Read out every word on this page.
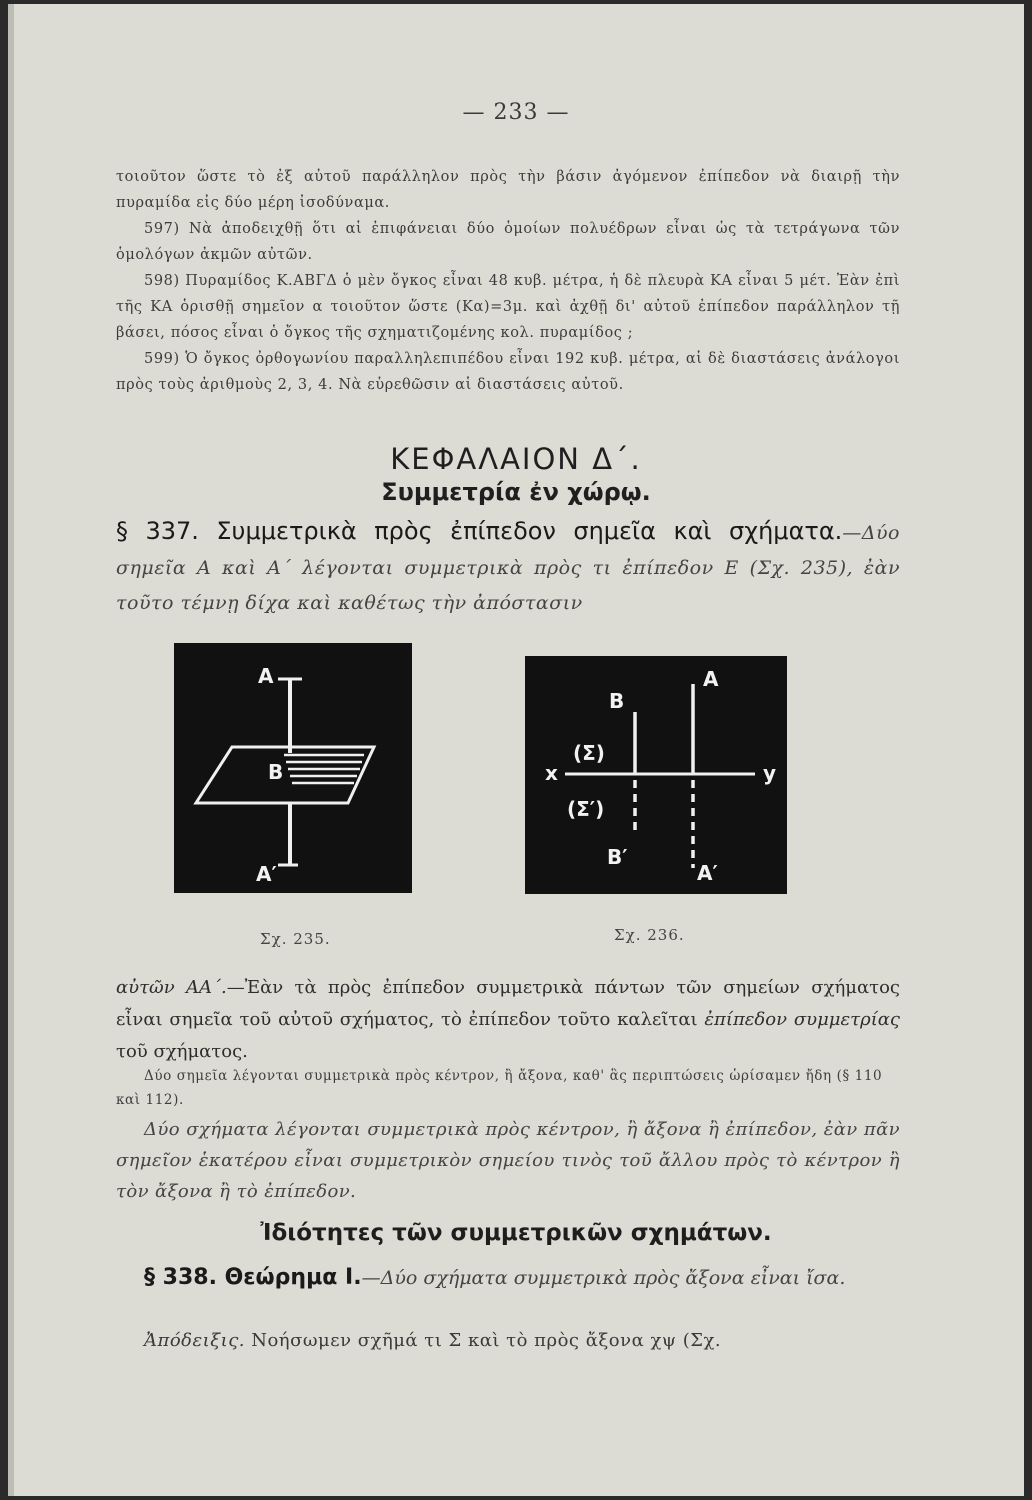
— 233 —

τοιοῦτον ὥστε τὸ ἐξ αὐτοῦ παράλληλον πρὸς τὴν βάσιν ἀγόμενον ἐπίπεδον νὰ διαιρῇ τὴν πυραμίδα εἰς δύο μέρη ἰσοδύναμα.

597) Νὰ ἀποδειχθῇ ὅτι αἱ ἐπιφάνειαι δύο ὁμοίων πολυέδρων εἶναι ὡς τὰ τετράγωνα τῶν ὁμολόγων ἀκμῶν αὐτῶν.

598) Πυραμίδος Κ.ΑΒΓΔ ὁ μὲν ὄγκος εἶναι 48 κυβ. μέτρα, ἡ δὲ πλευρὰ ΚΑ εἶναι 5 μέτ. Ἐὰν ἐπὶ τῆς ΚΑ ὁρισθῇ σημεῖον α τοιοῦτον ὥστε (Κα)=3μ. καὶ ἀχθῇ δι' αὐτοῦ ἐπίπεδον παράλληλον τῇ βάσει, πόσος εἶναι ὁ ὄγκος τῆς σχηματιζομένης κολ. πυραμίδος ;

599) Ὁ ὄγκος ὀρθογωνίου παραλληλεπιπέδου εἶναι 192 κυβ. μέτρα, αἱ δὲ διαστάσεις ἀνάλογοι πρὸς τοὺς ἀριθμοὺς 2, 3, 4. Νὰ εὑρεθῶσιν αἱ διαστάσεις αὐτοῦ.

ΚΕΦΑΛΑΙΟΝ Δ΄.
Συμμετρία ἐν χώρῳ.
§ 337. Συμμετρικὰ πρὸς ἐπίπεδον σημεῖα καὶ σχήματα.—Δύο σημεῖα Α καὶ Α΄ λέγονται συμμετρικὰ πρὸς τι ἐπίπεδον Ε (Σχ. 235), ἐὰν τοῦτο τέμνῃ δίχα καὶ καθέτως τὴν ἀπόστασιν
A
B
A′
Σχ. 235.
B
A
(Σ)
x	y
(Σ′)
B′
A′
Σχ. 236.
αὐτῶν ΑΑ΄.—Ἐὰν τὰ πρὸς ἐπίπεδον συμμετρικὰ πάντων τῶν σημείων σχήματος εἶναι σημεῖα τοῦ αὐτοῦ σχήματος, τὸ ἐπίπεδον τοῦτο καλεῖται ἐπίπεδον συμμετρίας τοῦ σχήματος.
Δύο σημεῖα λέγονται συμμετρικὰ πρὸς κέντρον, ἢ ἄξονα, καθ' ἃς περιπτώσεις ὡρίσαμεν ἤδη (§ 110 καὶ 112).
Δύο σχήματα λέγονται συμμετρικὰ πρὸς κέντρον, ἢ ἄξονα ἢ ἐπίπεδον, ἐὰν πᾶν σημεῖον ἑκατέρου εἶναι συμμετρικὸν σημείου τινὸς τοῦ ἄλλου πρὸς τὸ κέντρον ἢ τὸν ἄξονα ἢ τὸ ἐπίπεδον.
Ἰδιότητες τῶν συμμετρικῶν σχημάτων.
§ 338. Θεώρημα Ι.—Δύο σχήματα συμμετρικὰ πρὸς ἄξονα εἶναι ἴσα.
Ἀπόδειξις. Νοήσωμεν σχῆμά τι Σ καὶ τὸ πρὸς ἄξονα χψ (Σχ.
